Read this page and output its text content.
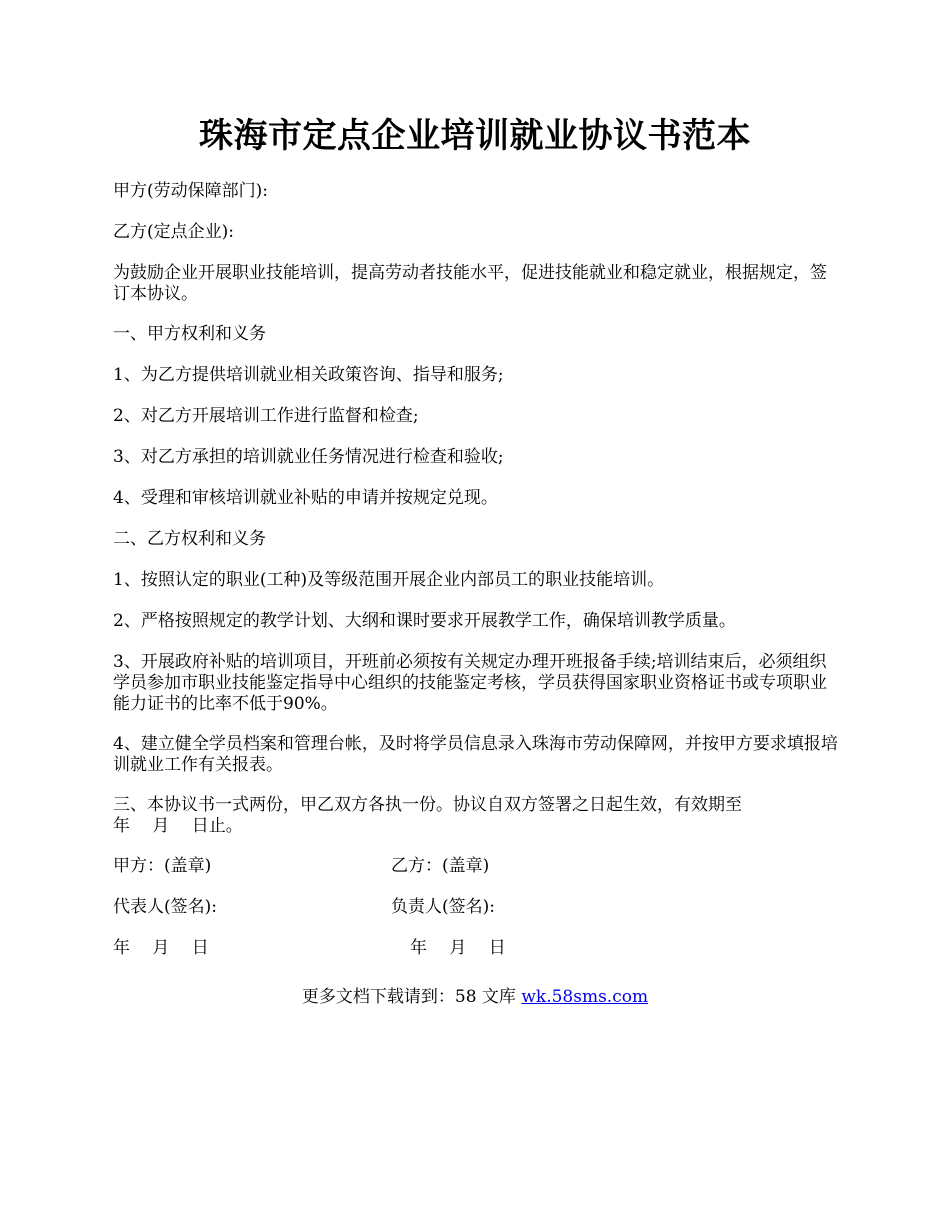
珠海市定点企业培训就业协议书范本

甲方(劳动保障部门):

乙方(定点企业):

为鼓励企业开展职业技能培训，提高劳动者技能水平，促进技能就业和稳定就业，根据规定，签订本协议。

一、甲方权利和义务

1、为乙方提供培训就业相关政策咨询、指导和服务;

2、对乙方开展培训工作进行监督和检查;

3、对乙方承担的培训就业任务情况进行检查和验收;

4、受理和审核培训就业补贴的申请并按规定兑现。

二、乙方权利和义务

1、按照认定的职业(工种)及等级范围开展企业内部员工的职业技能培训。

2、严格按照规定的教学计划、大纲和课时要求开展教学工作，确保培训教学质量。

3、开展政府补贴的培训项目，开班前必须按有关规定办理开班报备手续;培训结束后，必须组织学员参加市职业技能鉴定指导中心组织的技能鉴定考核，学员获得国家职业资格证书或专项职业能力证书的比率不低于90%。

4、建立健全学员档案和管理台帐，及时将学员信息录入珠海市劳动保障网，并按甲方要求填报培训就业工作有关报表。

三、本协议书一式两份，甲乙双方各执一份。协议自双方签署之日起生效，有效期至
年　 月　 日止。

甲方：(盖章)	乙方：(盖章)
代表人(签名):	负责人(签名):
年　 月　 日	年　 月　 日
更多文档下载请到：58 文库 wk.58sms.com
